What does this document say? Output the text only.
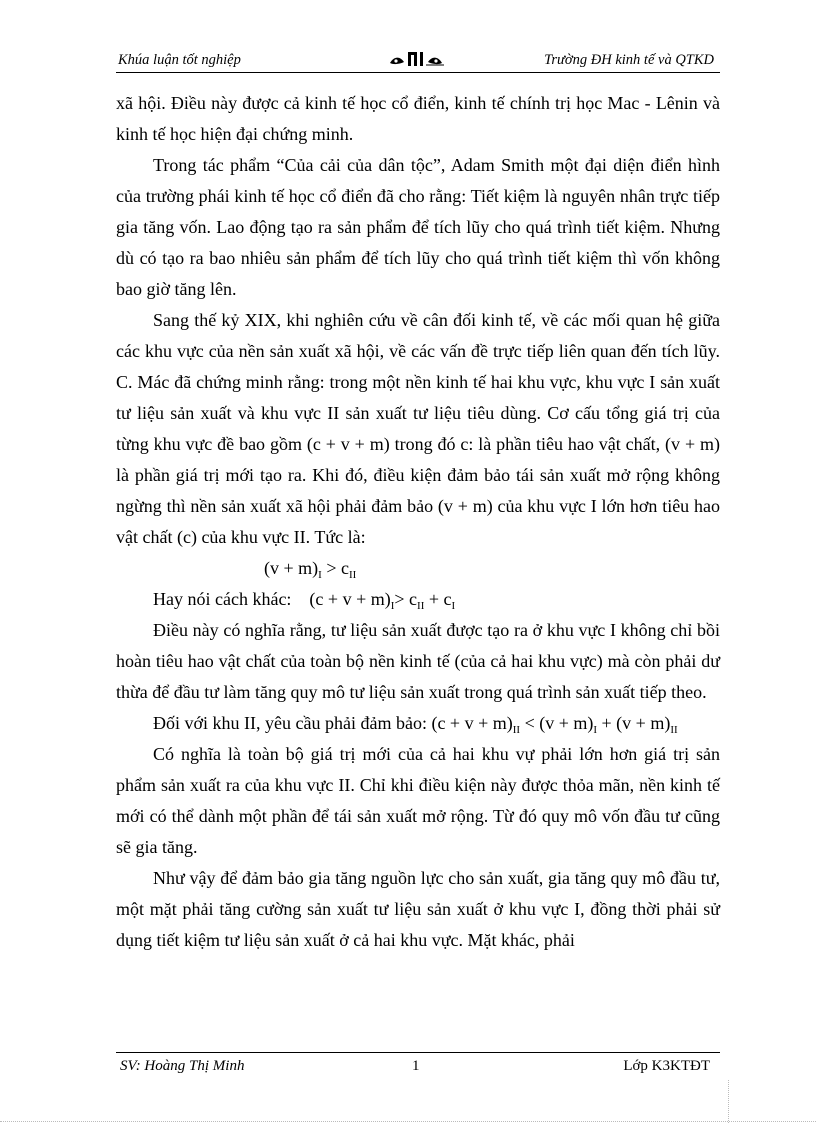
Khúa luận tốt nghiệp	Trường ĐH kinh tế và QTKD

xã hội. Điều này được cả kinh tế học cổ điển, kinh tế chính trị học Mac - Lênin và kinh tế học hiện đại chứng minh.

Trong tác phẩm “Của cải của dân tộc”, Adam Smith một đại diện điển hình của trường phái kinh tế học cổ điển đã cho rằng: Tiết kiệm là nguyên nhân trực tiếp gia tăng vốn. Lao động tạo ra sản phẩm để tích lũy cho quá trình tiết kiệm. Nhưng dù có tạo ra bao nhiêu sản phẩm để tích lũy cho quá trình tiết kiệm thì vốn không bao giờ tăng lên.

Sang thế kỷ XIX, khi nghiên cứu về cân đối kinh tế, về các mối quan hệ giữa các khu vực của nền sản xuất xã hội, về các vấn đề trực tiếp liên quan đến tích lũy. C. Mác đã chứng minh rằng: trong một nền kinh tế hai khu vực, khu vực I sản xuất tư liệu sản xuất và khu vực II sản xuất tư liệu tiêu dùng. Cơ cấu tổng giá trị của từng khu vực đề bao gồm (c + v + m) trong đó c: là phần tiêu hao vật chất, (v + m) là phần giá trị mới tạo ra. Khi đó, điều kiện đảm bảo tái sản xuất mở rộng không ngừng thì nền sản xuất xã hội phải đảm bảo (v + m) của khu vực I lớn hơn tiêu hao vật chất (c) của khu vực II. Tức là:

$(v + m)_I > c_{II}$

Hay nói cách khác:    $(c + v + m)_I> c_{II} + c_I$

Điều này có nghĩa rằng, tư liệu sản xuất được tạo ra ở khu vực I không chỉ bồi hoàn tiêu hao vật chất của toàn bộ nền kinh tế (của cả hai khu vực) mà còn phải dư thừa để đầu tư làm tăng quy mô tư liệu sản xuất trong quá trình sản xuất tiếp theo.

Đối với khu II, yêu cầu phải đảm bảo: $(c + v + m)_{II} < (v + m)_I + (v + m)_{II}$

Có nghĩa là toàn bộ giá trị mới của cả hai khu vự phải lớn hơn giá trị sản phẩm sản xuất ra của khu vực II. Chỉ khi điều kiện này được thỏa mãn, nền kinh tế mới có thể dành một phần để tái sản xuất mở rộng. Từ đó quy mô vốn đầu tư cũng sẽ gia tăng.

Như vậy để đảm bảo gia tăng nguồn lực cho sản xuất, gia tăng quy mô đầu tư, một mặt phải tăng cường sản xuất tư liệu sản xuất ở khu vực I, đồng thời phải sử dụng tiết kiệm tư liệu sản xuất ở cả hai khu vực. Mặt khác, phải

SV: Hoàng Thị Minh	1	Lớp K3KTĐT
